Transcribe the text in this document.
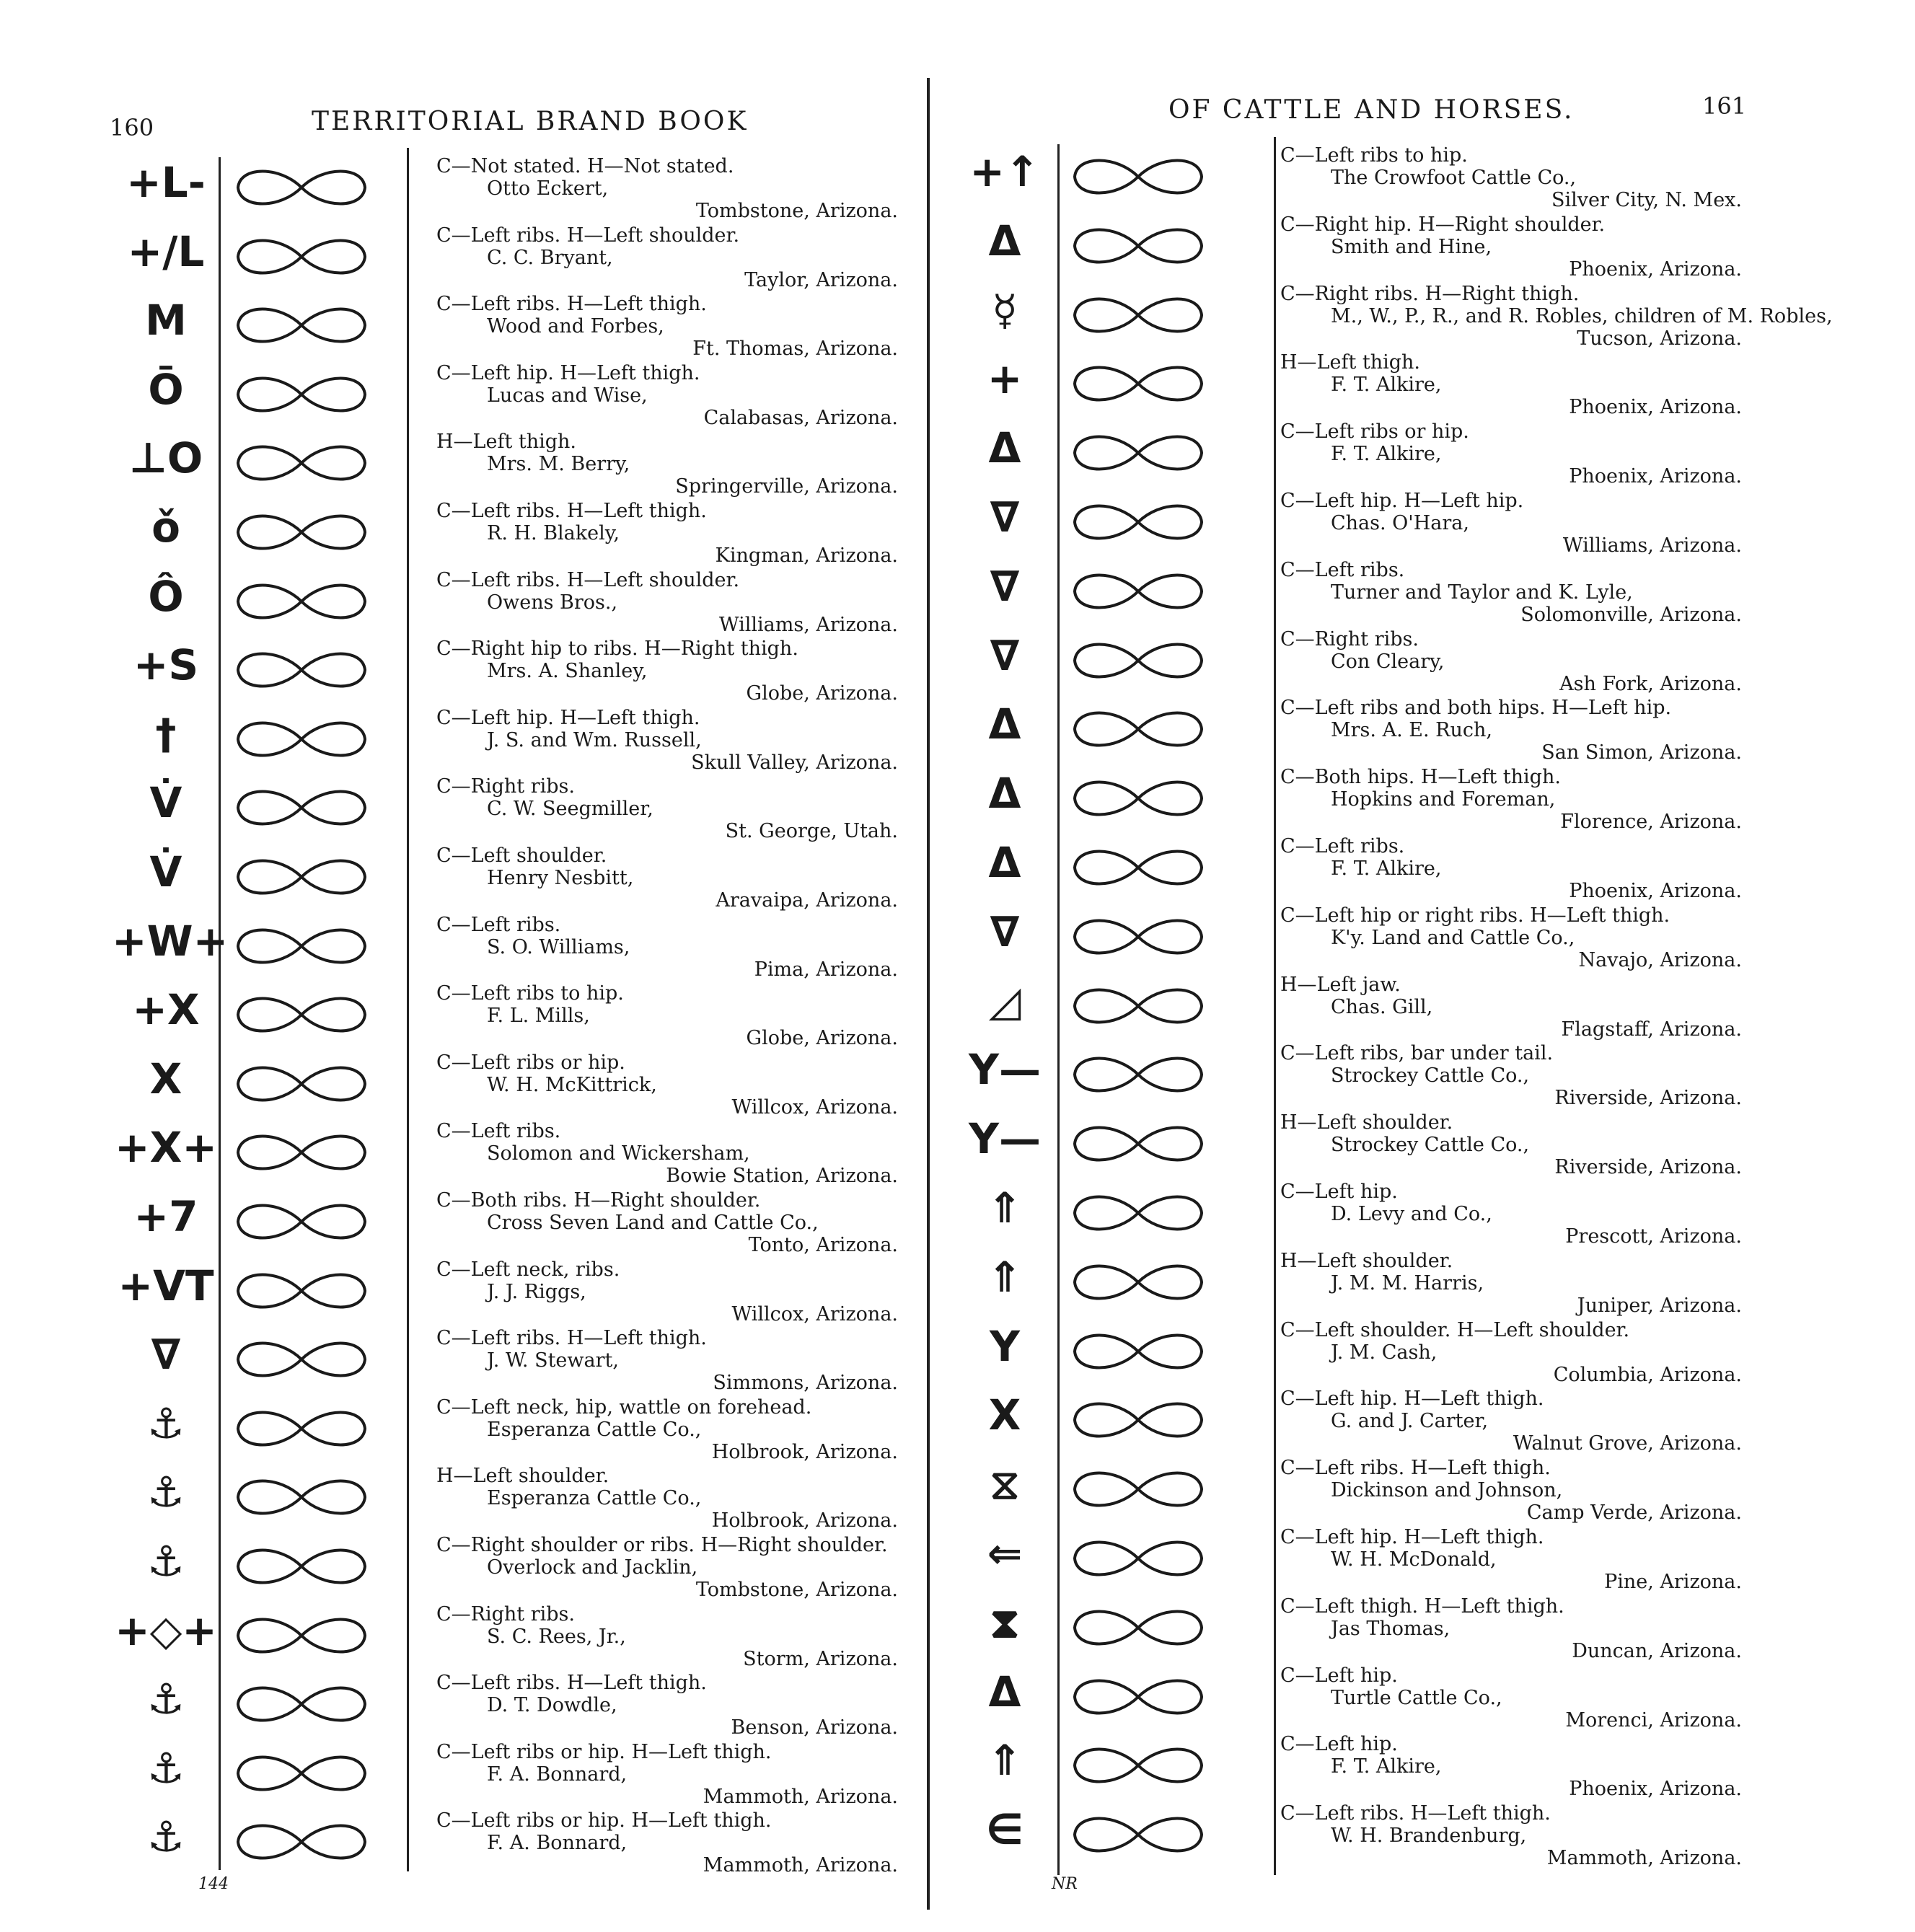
160	TERRITORIAL BRAND BOOK	OF CATTLE AND HORSES.	161
+L-	C—Not stated. H—Not stated.
Otto Eckert,
Tombstone, Arizona.
+/L	C—Left ribs. H—Left shoulder.
C. C. Bryant,
Taylor, Arizona.
M	C—Left ribs. H—Left thigh.
Wood and Forbes,
Ft. Thomas, Arizona.
Ō	C—Left hip. H—Left thigh.
Lucas and Wise,
Calabasas, Arizona.
⊥O	H—Left thigh.
Mrs. M. Berry,
Springerville, Arizona.
ǒ	C—Left ribs. H—Left thigh.
R. H. Blakely,
Kingman, Arizona.
Ô	C—Left ribs. H—Left shoulder.
Owens Bros.,
Williams, Arizona.
+S	C—Right hip to ribs. H—Right thigh.
Mrs. A. Shanley,
Globe, Arizona.
†	C—Left hip. H—Left thigh.
J. S. and Wm. Russell,
Skull Valley, Arizona.
V̇	C—Right ribs.
C. W. Seegmiller,
St. George, Utah.
V̇	C—Left shoulder.
Henry Nesbitt,
Aravaipa, Arizona.
+W+	C—Left ribs.
S. O. Williams,
Pima, Arizona.
+X	C—Left ribs to hip.
F. L. Mills,
Globe, Arizona.
X	C—Left ribs or hip.
W. H. McKittrick,
Willcox, Arizona.
+X+	C—Left ribs.
Solomon and Wickersham,
Bowie Station, Arizona.
+7	C—Both ribs. H—Right shoulder.
Cross Seven Land and Cattle Co.,
Tonto, Arizona.
+VT	C—Left neck, ribs.
J. J. Riggs,
Willcox, Arizona.
∇	C—Left ribs. H—Left thigh.
J. W. Stewart,
Simmons, Arizona.
⚓	C—Left neck, hip, wattle on forehead.
Esperanza Cattle Co.,
Holbrook, Arizona.
⚓	H—Left shoulder.
Esperanza Cattle Co.,
Holbrook, Arizona.
⚓	C—Right shoulder or ribs. H—Right shoulder.
Overlock and Jacklin,
Tombstone, Arizona.
+◇+	C—Right ribs.
S. C. Rees, Jr.,
Storm, Arizona.
⚓	C—Left ribs. H—Left thigh.
D. T. Dowdle,
Benson, Arizona.
⚓	C—Left ribs or hip. H—Left thigh.
F. A. Bonnard,
Mammoth, Arizona.
⚓	C—Left ribs or hip. H—Left thigh.
F. A. Bonnard,
Mammoth, Arizona.
+↑	C—Left ribs to hip.
The Crowfoot Cattle Co.,
Silver City, N. Mex.
Δ	C—Right hip. H—Right shoulder.
Smith and Hine,
Phoenix, Arizona.
☿	C—Right ribs. H—Right thigh.
M., W., P., R., and R. Robles, children of M. Robles,
Tucson, Arizona.
+	H—Left thigh.
F. T. Alkire,
Phoenix, Arizona.
Δ	C—Left ribs or hip.
F. T. Alkire,
Phoenix, Arizona.
∇	C—Left hip. H—Left hip.
Chas. O'Hara,
Williams, Arizona.
∇	C—Left ribs.
Turner and Taylor and K. Lyle,
Solomonville, Arizona.
∇	C—Right ribs.
Con Cleary,
Ash Fork, Arizona.
Δ	C—Left ribs and both hips. H—Left hip.
Mrs. A. E. Ruch,
San Simon, Arizona.
Δ	C—Both hips. H—Left thigh.
Hopkins and Foreman,
Florence, Arizona.
Δ	C—Left ribs.
F. T. Alkire,
Phoenix, Arizona.
∇	C—Left hip or right ribs. H—Left thigh.
K'y. Land and Cattle Co.,
Navajo, Arizona.
◿	H—Left jaw.
Chas. Gill,
Flagstaff, Arizona.
Y—	C—Left ribs, bar under tail.
Strockey Cattle Co.,
Riverside, Arizona.
Y—	H—Left shoulder.
Strockey Cattle Co.,
Riverside, Arizona.
⇑	C—Left hip.
D. Levy and Co.,
Prescott, Arizona.
⇑	H—Left shoulder.
J. M. M. Harris,
Juniper, Arizona.
Y	C—Left shoulder. H—Left shoulder.
J. M. Cash,
Columbia, Arizona.
X	C—Left hip. H—Left thigh.
G. and J. Carter,
Walnut Grove, Arizona.
⧖	C—Left ribs. H—Left thigh.
Dickinson and Johnson,
Camp Verde, Arizona.
⇐	C—Left hip. H—Left thigh.
W. H. McDonald,
Pine, Arizona.
⧗	C—Left thigh. H—Left thigh.
Jas Thomas,
Duncan, Arizona.
Δ	C—Left hip.
Turtle Cattle Co.,
Morenci, Arizona.
⇑	C—Left hip.
F. T. Alkire,
Phoenix, Arizona.
∈	C—Left ribs. H—Left thigh.
W. H. Brandenburg,
Mammoth, Arizona.
144	NR
